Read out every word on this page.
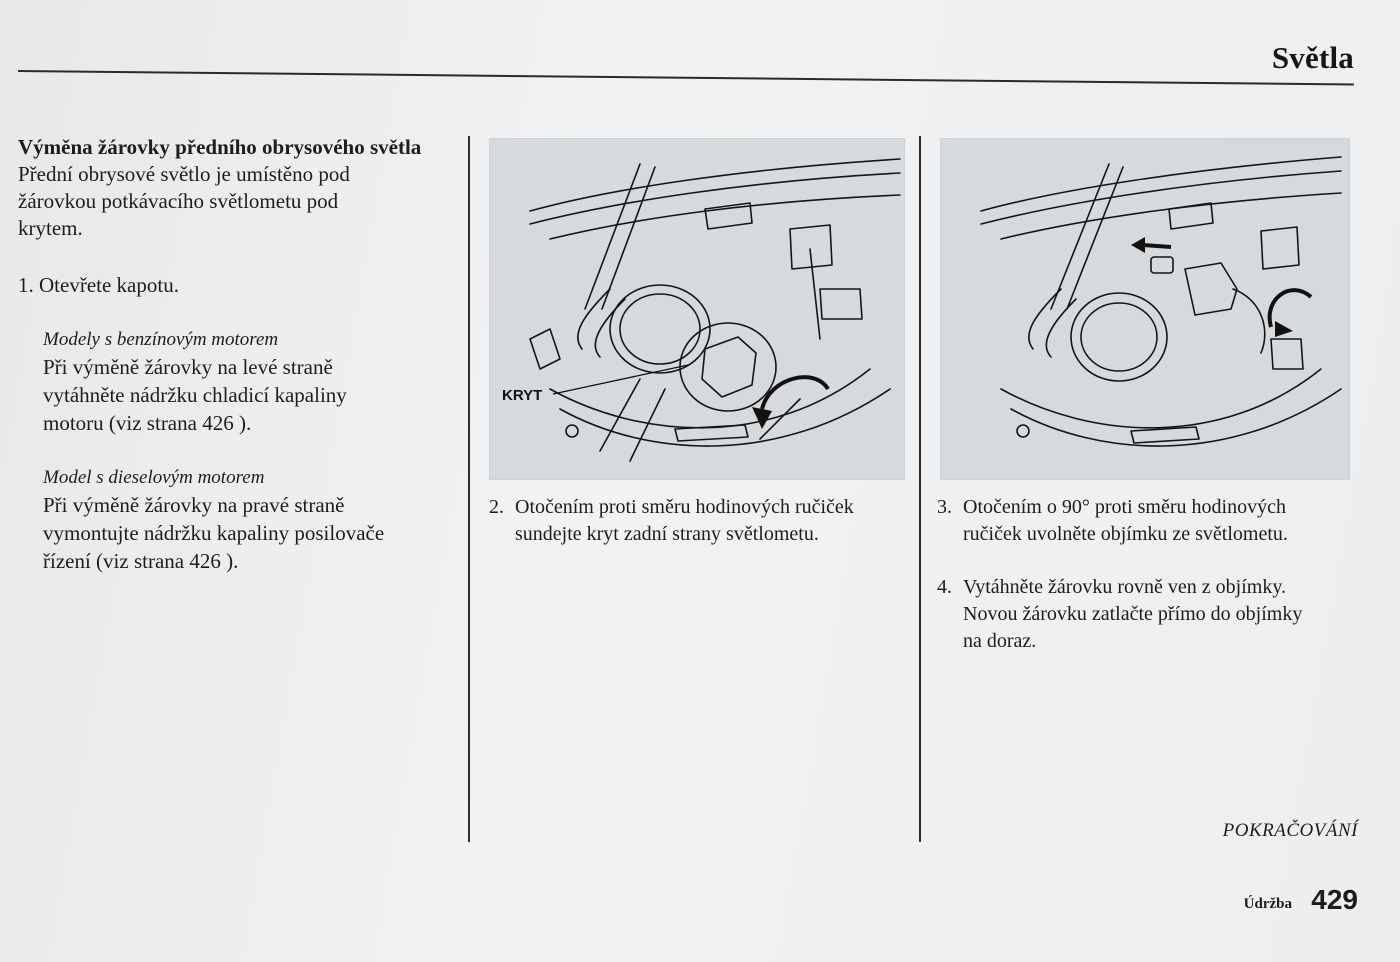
Světla

Výměna žárovky předního obrysového světla

Přední obrysové světlo je umístěno pod

žárovkou potkávacího světlometu pod

krytem.

1. Otevřete kapotu.

Modely s benzínovým motorem

Při výměně žárovky na levé straně

vytáhněte nádržku chladicí kapaliny

motoru (viz strana 426 ).

Model s dieselovým motorem

Při výměně žárovky na pravé straně

vymontujte nádržku kapaliny posilovače

řízení (viz strana 426 ).

KRYT
2. Otočením proti směru hodinových ručiček
sundejte kryt zadní strany světlometu.
3. Otočením o 90° proti směru hodinových
ručiček uvolněte objímku ze světlometu.
4. Vytáhněte žárovku rovně ven z objímky.
Novou žárovku zatlačte přímo do objímky
na doraz.
POKRAČOVÁNÍ
Údržba 429
